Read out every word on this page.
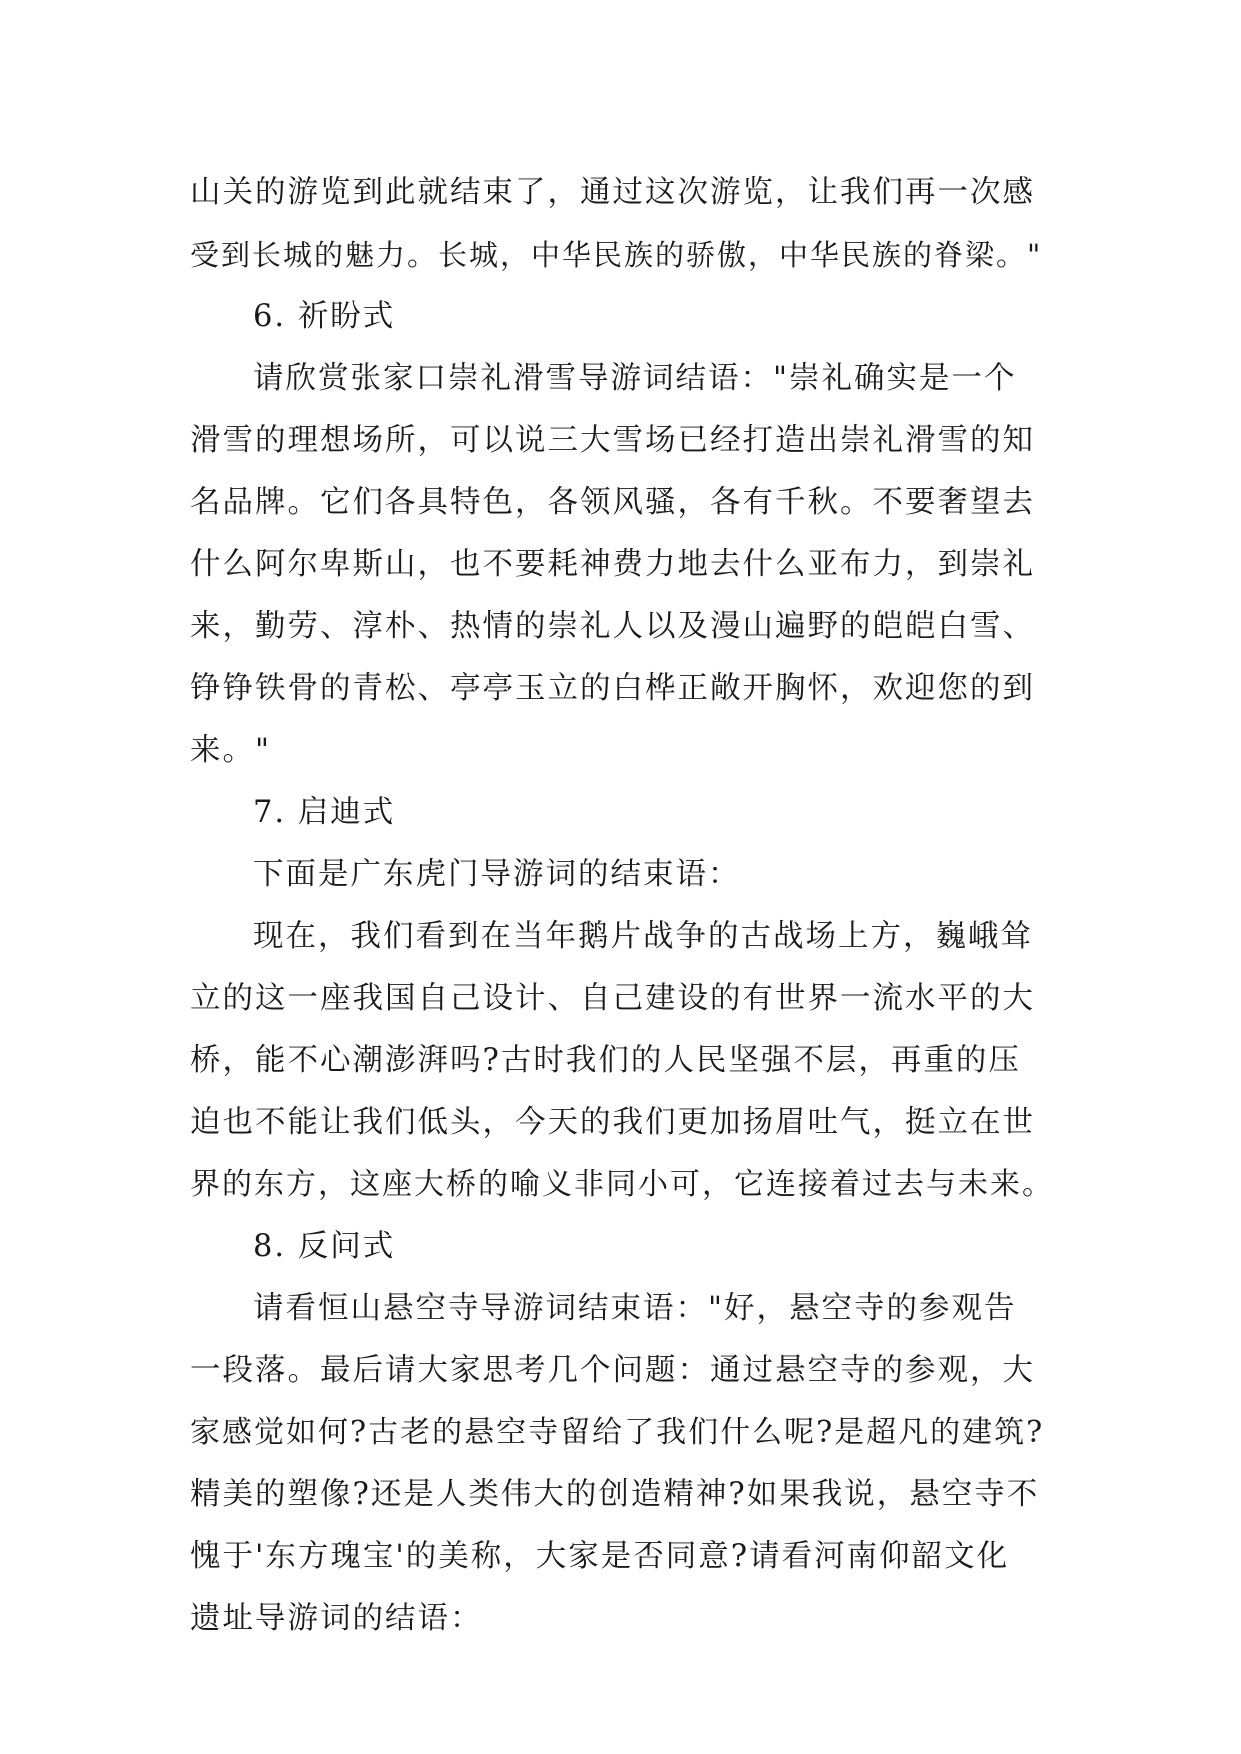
山关的游览到此就结束了，通过这次游览，让我们再一次感
受到长城的魅力。长城，中华民族的骄傲，中华民族的脊梁。"
6. 祈盼式
请欣赏张家口崇礼滑雪导游词结语："崇礼确实是一个
滑雪的理想场所，可以说三大雪场已经打造出崇礼滑雪的知
名品牌。它们各具特色，各领风骚，各有千秋。不要奢望去
什么阿尔卑斯山，也不要耗神费力地去什么亚布力，到崇礼
来，勤劳、淳朴、热情的崇礼人以及漫山遍野的皑皑白雪、
铮铮铁骨的青松、亭亭玉立的白桦正敞开胸怀，欢迎您的到
来。"
7. 启迪式
下面是广东虎门导游词的结束语：
现在，我们看到在当年鹅片战争的古战场上方，巍峨耸
立的这一座我国自己设计、自己建设的有世界一流水平的大
桥，能不心潮澎湃吗?古时我们的人民坚强不层，再重的压
迫也不能让我们低头，今天的我们更加扬眉吐气，挺立在世
界的东方，这座大桥的喻义非同小可，它连接着过去与未来。
8. 反问式
请看恒山悬空寺导游词结束语："好，悬空寺的参观告
一段落。最后请大家思考几个问题：通过悬空寺的参观，大
家感觉如何?古老的悬空寺留给了我们什么呢?是超凡的建筑?
精美的塑像?还是人类伟大的创造精神?如果我说，悬空寺不
愧于'东方瑰宝'的美称，大家是否同意?请看河南仰韶文化
遗址导游词的结语：
